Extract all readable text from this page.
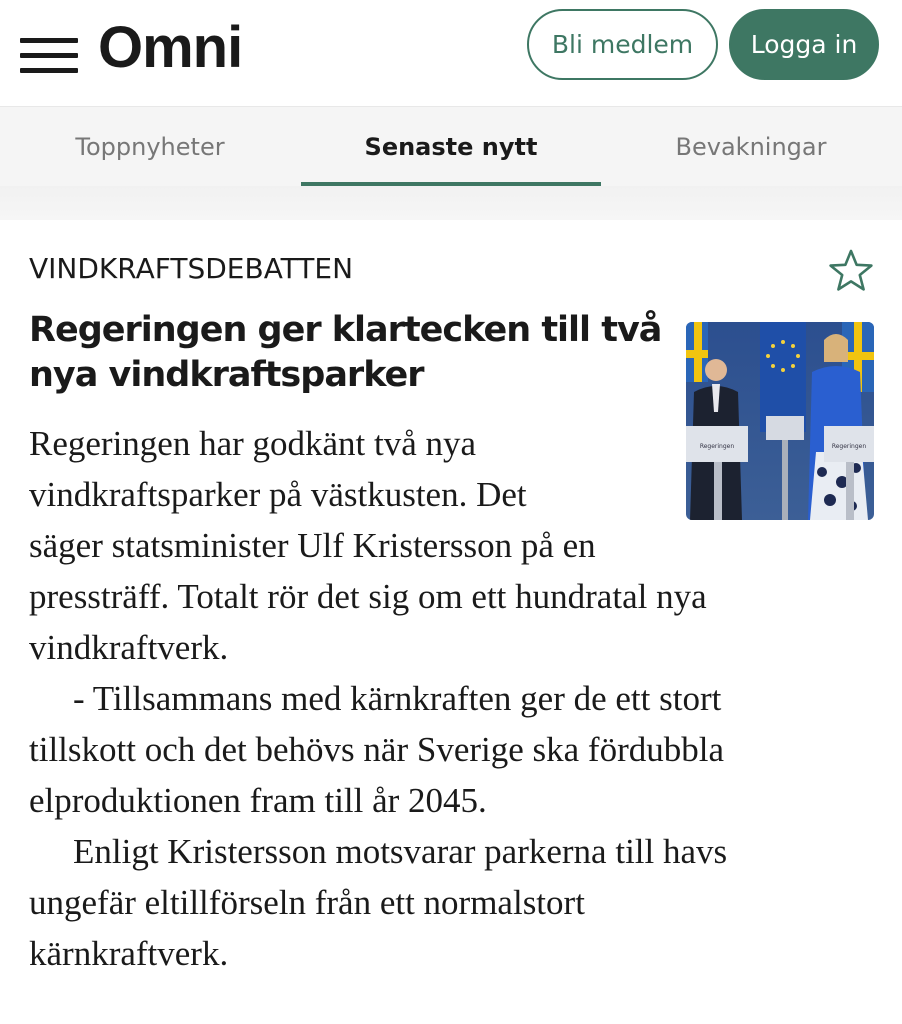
Omni	Bli medlem	Logga in
Toppnyheter	Senaste nytt	Bevakningar
VINDKRAFTSDEBATTEN
Regeringen ger klartecken till två nya vindkraftsparker
Regeringen	Regeringen
Regeringen har godkänt två nya
vindkraftsparker på västkusten. Det
säger statsminister Ulf Kristersson på en
pressträff. Totalt rör det sig om ett hundratal nya
vindkraftverk.
- Tillsammans med kärnkraften ger de ett stort
tillskott och det behövs när Sverige ska fördubbla
elproduktionen fram till år 2045.
Enligt Kristersson motsvarar parkerna till havs
ungefär eltillförseln från ett normalstort
kärnkraftverk.
